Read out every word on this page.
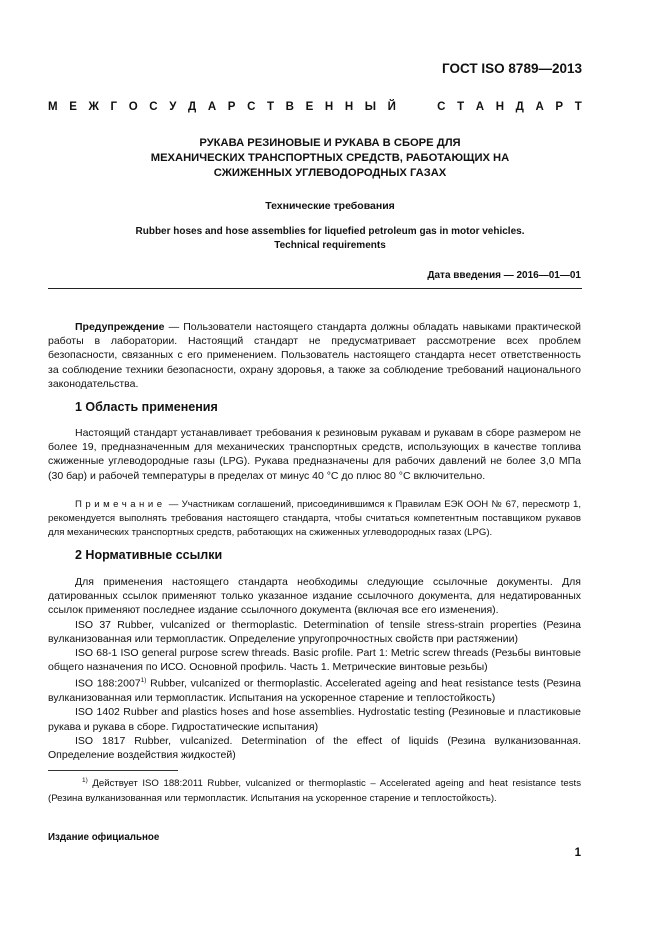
ГОСТ ISO 8789—2013
М Е Ж Г О С У Д А Р С Т В Е Н Н Ы Й	С Т А Н Д А Р Т
РУКАВА РЕЗИНОВЫЕ И РУКАВА В СБОРЕ ДЛЯ
МЕХАНИЧЕСКИХ ТРАНСПОРТНЫХ СРЕДСТВ, РАБОТАЮЩИХ НА
СЖИЖЕННЫХ УГЛЕВОДОРОДНЫХ ГАЗАХ
Технические требования
Rubber hoses and hose assemblies for liquefied petroleum gas in motor vehicles.
Technical requirements
Дата введения — 2016—01—01

Предупреждение — Пользователи настоящего стандарта должны обладать навыками практической работы в лаборатории. Настоящий стандарт не предусматривает рассмотрение всех проблем безопасности, связанных с его применением. Пользователь настоящего стандарта несет ответственность за соблюдение техники безопасности, охрану здоровья, а также за соблюдение требований национального законодательства.

1 Область применения

Настоящий стандарт устанавливает требования к резиновым рукавам и рукавам в сборе размером не более 19, предназначенным для механических транспортных средств, использующих в качестве топлива сжиженные углеводородные газы (LPG). Рукава предназначены для рабочих давлений не более 3,0 МПа (30 бар) и рабочей температуры в пределах от минус 40 °C до плюс 80 °C включительно.

Примечание — Участникам соглашений, присоединившимся к Правилам ЕЭК ООН № 67, пересмотр 1, рекомендуется выполнять требования настоящего стандарта, чтобы считаться компетентным поставщиком рукавов для механических транспортных средств, работающих на сжиженных углеводородных газах (LPG).

2 Нормативные ссылки

Для применения настоящего стандарта необходимы следующие ссылочные документы. Для датированных ссылок применяют только указанное издание ссылочного документа, для недатированных ссылок применяют последнее издание ссылочного документа (включая все его изменения).

ISO 37 Rubber, vulcanized or thermoplastic. Determination of tensile stress-strain properties (Резина вулканизованная или термопластик. Определение упругопрочностных свойств при растяжении)

ISO 68-1 ISO general purpose screw threads. Basic profile. Part 1: Metric screw threads (Резьбы винтовые общего назначения по ИСО. Основной профиль. Часть 1. Метрические винтовые резьбы)

ISO 188:2007$^{1)}$ Rubber, vulcanized or thermoplastic. Accelerated ageing and heat resistance tests (Резина вулканизованная или термопластик. Испытания на ускоренное старение и теплостойкость)

ISO 1402 Rubber and plastics hoses and hose assemblies. Hydrostatic testing (Резиновые и пластиковые рукава и рукава в сборе. Гидростатические испытания)

ISO 1817 Rubber, vulcanized. Determination of the effect of liquids (Резина вулканизованная. Определение воздействия жидкостей)

$^{1)}$ Действует ISO 188:2011 Rubber, vulcanized or thermoplastic – Accelerated ageing and heat resistance tests (Резина вулканизованная или термопластик. Испытания на ускоренное старение и теплостойкость).

Издание официальное
1
